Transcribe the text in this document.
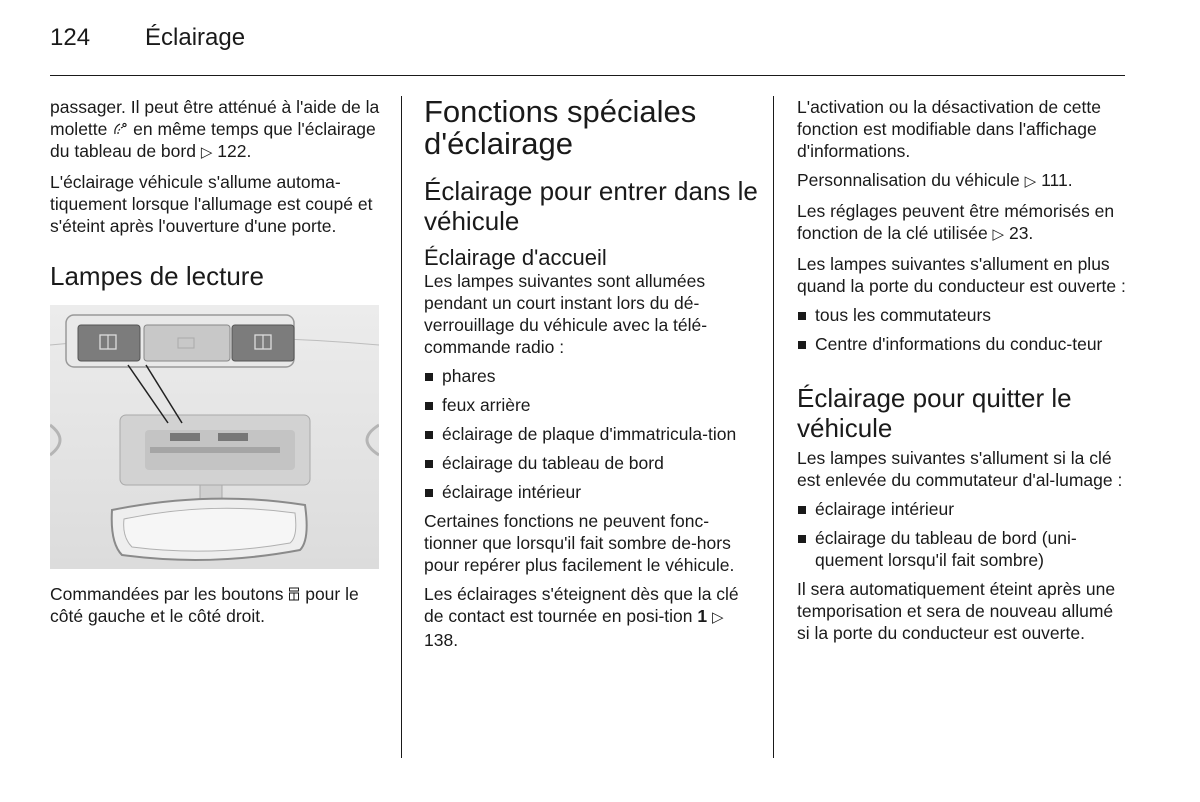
124 Éclairage

passager. Il peut être atténué à l'aide de la molette en même temps que l'éclairage du tableau de bord ▷ 122.

L'éclairage véhicule s'allume automa-tiquement lorsque l'allumage est coupé et s'éteint après l'ouverture d'une porte.

Lampes de lecture

Commandées par les boutons pour le côté gauche et le côté droit.

Fonctions spéciales d'éclairage
Éclairage pour entrer dans le véhicule
Éclairage d'accueil

Les lampes suivantes sont allumées pendant un court instant lors du dé-verrouillage du véhicule avec la télé-commande radio :

phares
feux arrière
éclairage de plaque d'immatricula-tion
éclairage du tableau de bord
éclairage intérieur

Certaines fonctions ne peuvent fonc-tionner que lorsqu'il fait sombre de-hors pour repérer plus facilement le véhicule.

Les éclairages s'éteignent dès que la clé de contact est tournée en posi-tion 1 ▷ 138.

L'activation ou la désactivation de cette fonction est modifiable dans l'affichage d'informations.

Personnalisation du véhicule ▷ 111.

Les réglages peuvent être mémorisés en fonction de la clé utilisée ▷ 23.

Les lampes suivantes s'allument en plus quand la porte du conducteur est ouverte :

tous les commutateurs
Centre d'informations du conduc-teur
Éclairage pour quitter le véhicule

Les lampes suivantes s'allument si la clé est enlevée du commutateur d'al-lumage :

éclairage intérieur
éclairage du tableau de bord (uni-quement lorsqu'il fait sombre)

Il sera automatiquement éteint après une temporisation et sera de nouveau allumé si la porte du conducteur est ouverte.
